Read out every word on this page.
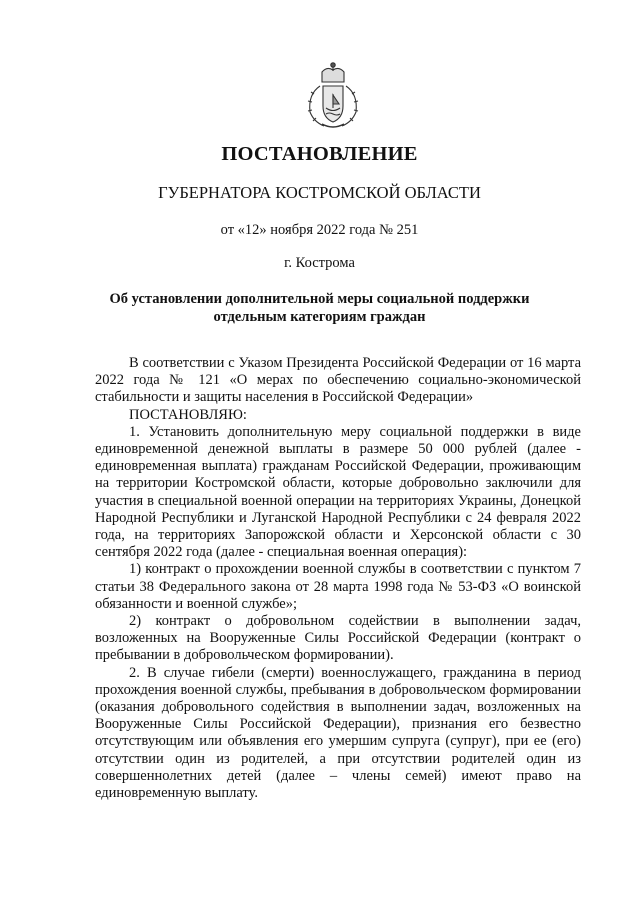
ПОСТАНОВЛЕНИЕ
ГУБЕРНАТОРА КОСТРОМСКОЙ ОБЛАСТИ
от «12» ноября 2022 года № 251
г. Кострома
Об установлении дополнительной меры социальной поддержки
отдельным категориям граждан

В соответствии с Указом Президента Российской Федерации от 16 марта 2022 года № 121 «О мерах по обеспечению социально-экономической стабильности и защиты населения в Российской Федерации»

ПОСТАНОВЛЯЮ:

1. Установить дополнительную меру социальной поддержки в виде единовременной денежной выплаты в размере 50 000 рублей (далее - единовременная выплата) гражданам Российской Федерации, проживающим на территории Костромской области, которые добровольно заключили для участия в специальной военной операции на территориях Украины, Донецкой Народной Республики и Луганской Народной Республики с 24 февраля 2022 года, на территориях Запорожской области и Херсонской области с 30 сентября 2022 года (далее - специальная военная операция):

1) контракт о прохождении военной службы в соответствии с пунктом 7 статьи 38 Федерального закона от 28 марта 1998 года № 53-ФЗ «О воинской обязанности и военной службе»;

2) контракт о добровольном содействии в выполнении задач, возложенных на Вооруженные Силы Российской Федерации (контракт о пребывании в добровольческом формировании).

2. В случае гибели (смерти) военнослужащего, гражданина в период прохождения военной службы, пребывания в добровольческом формировании (оказания добровольного содействия в выполнении задач, возложенных на Вооруженные Силы Российской Федерации), признания его безвестно отсутствующим или объявления его умершим супруга (супруг), при ее (его) отсутствии один из родителей, а при отсутствии родителей один из совершеннолетних детей (далее – члены семей) имеют право на единовременную выплату.
